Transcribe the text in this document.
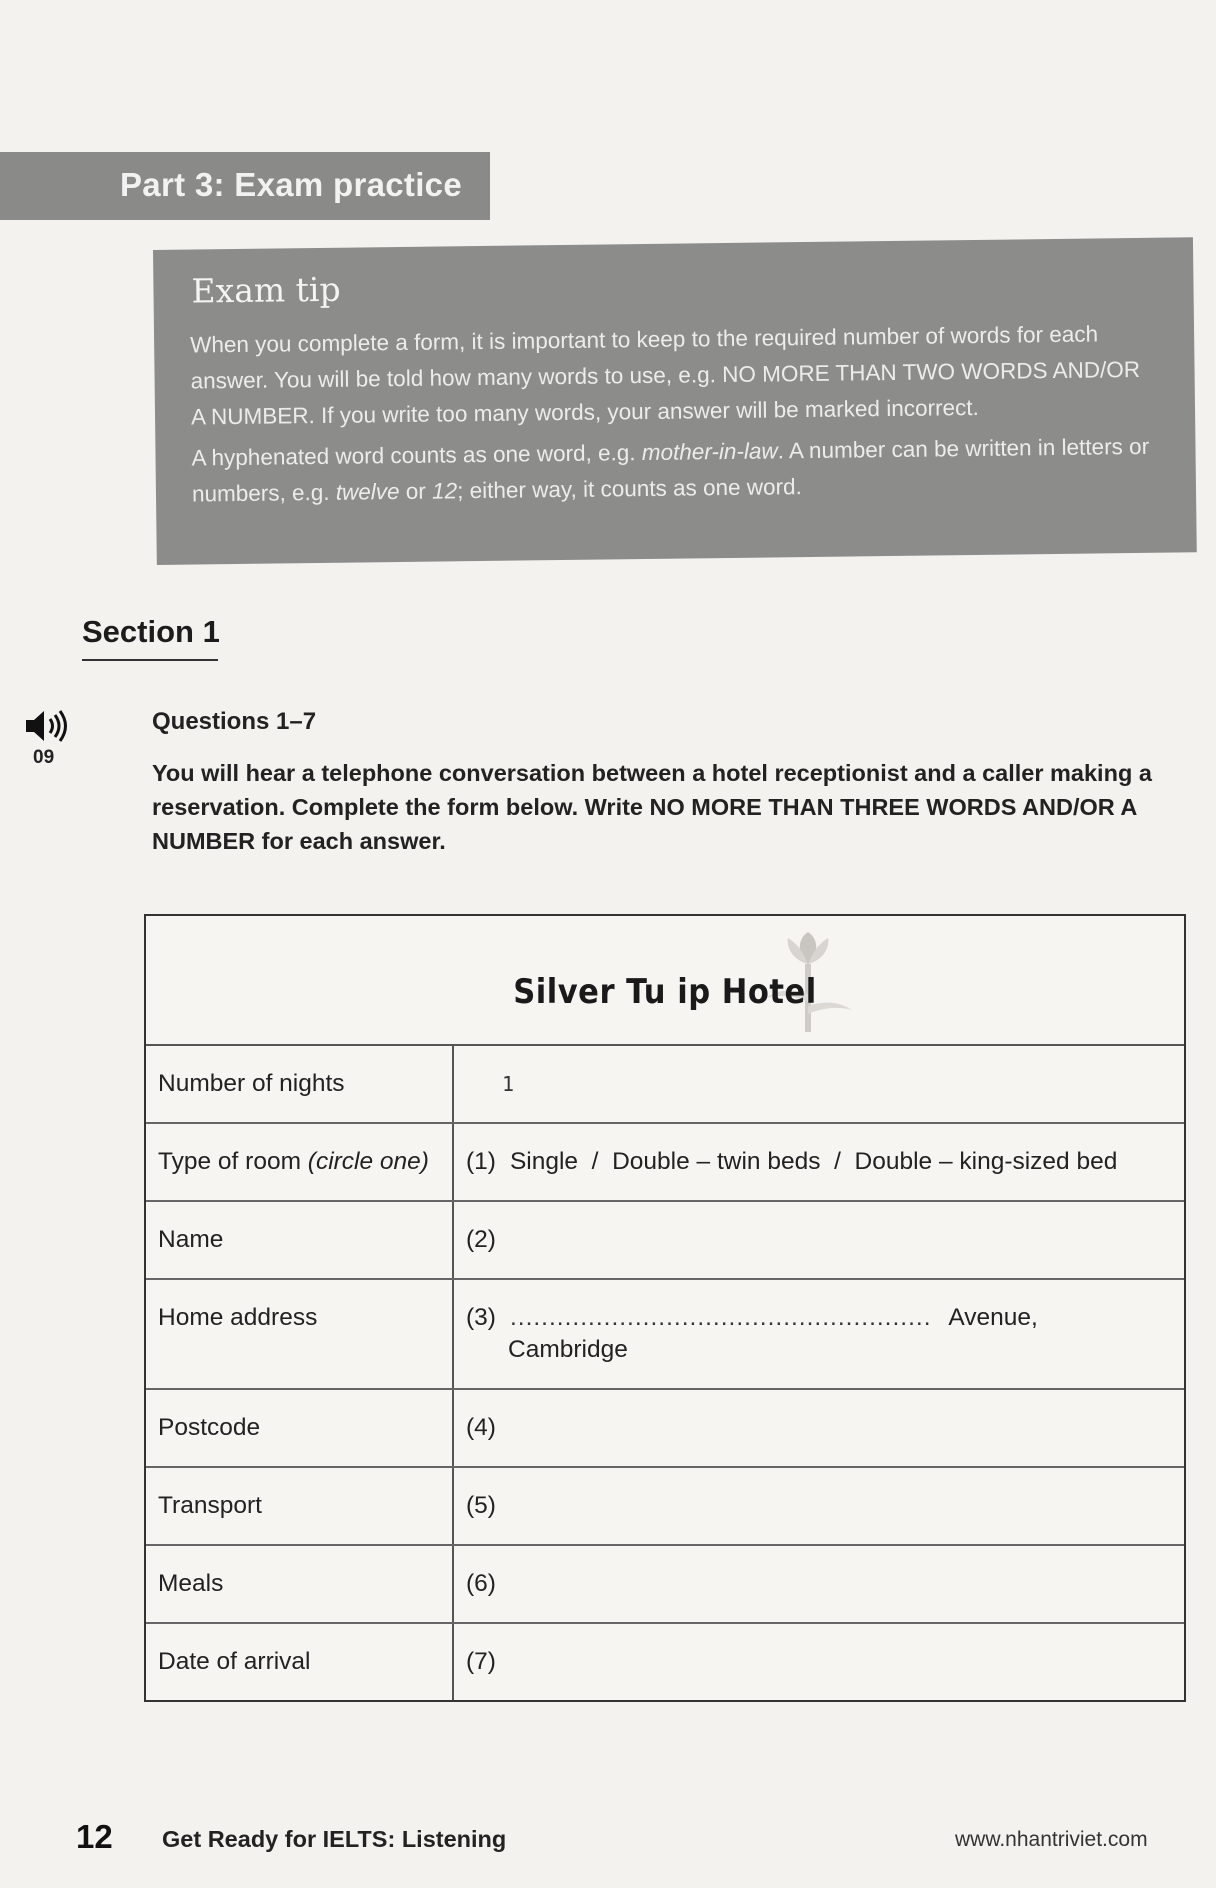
Part 3: Exam practice
Exam tip

When you complete a form, it is important to keep to the required number of words for each answer. You will be told how many words to use, e.g. NO MORE THAN TWO WORDS AND/OR A NUMBER. If you write too many words, your answer will be marked incorrect.

A hyphenated word counts as one word, e.g. mother-in-law. A number can be written in letters or numbers, e.g. twelve or 12; either way, it counts as one word.

Section 1
09
Questions 1–7
You will hear a telephone conversation between a hotel receptionist and a caller making a reservation. Complete the form below. Write NO MORE THAN THREE WORDS AND/OR A NUMBER for each answer.
Silver Tu ip Hotel
Number of nights	1
Type of room (circle one)	(1) Single  /  Double – twin beds  /  Double – king-sized bed
Name	(2)
Home address	(3) ...................................................... Avenue,
Cambridge
Postcode	(4)
Transport	(5)
Meals	(6)
Date of arrival	(7)
12 Get Ready for IELTS: Listening	www.nhantriviet.com
